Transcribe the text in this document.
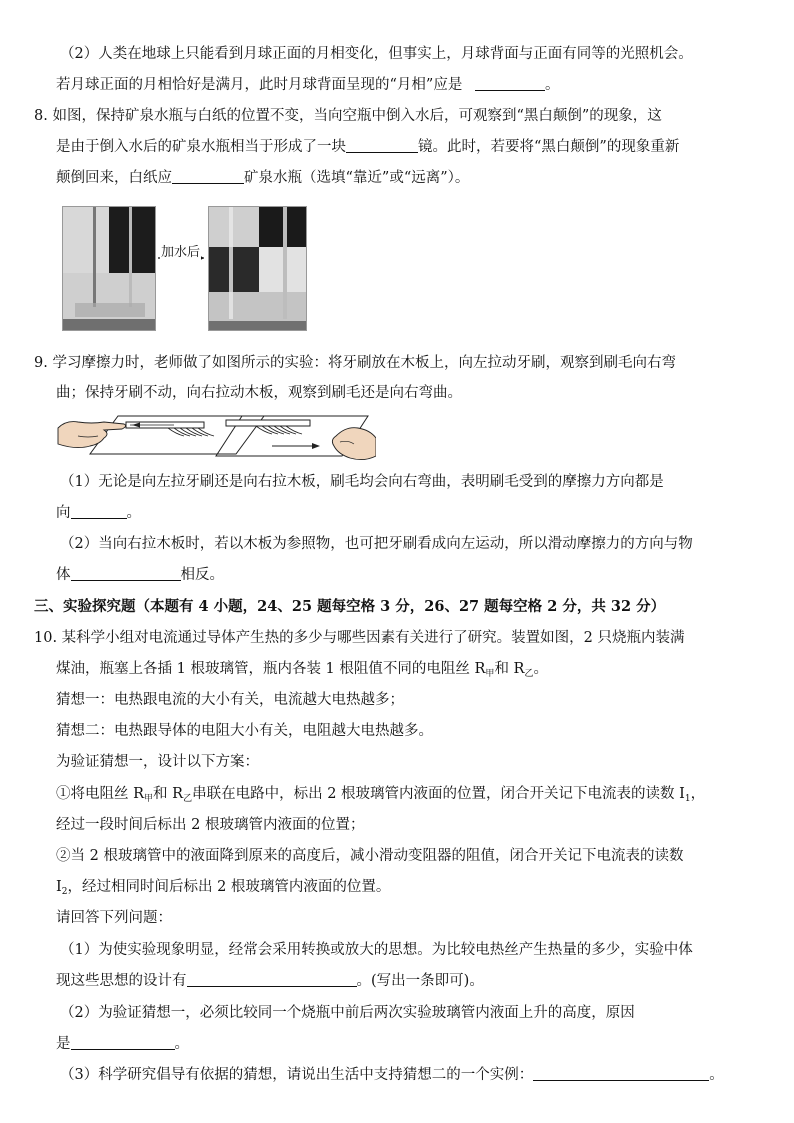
（2）人类在地球上只能看到月球正面的月相变化，但事实上，月球背面与正面有同等的光照机会。
若月球正面的月相恰好是满月，此时月球背面呈现的“月相”应是	。
8. 如图，保持矿泉水瓶与白纸的位置不变，当向空瓶中倒入水后，可观察到“黑白颠倒”的现象，这
是由于倒入水后的矿泉水瓶相当于形成了一块	镜。此时，若要将“黑白颠倒”的现象重新
颠倒回来，白纸应	矿泉水瓶（选填“靠近”或“远离”）。
加水后
9. 学习摩擦力时，老师做了如图所示的实验：将牙刷放在木板上，向左拉动牙刷，观察到刷毛向右弯
曲；保持牙刷不动，向右拉动木板，观察到刷毛还是向右弯曲。
（1）无论是向左拉牙刷还是向右拉木板，刷毛均会向右弯曲，表明刷毛受到的摩擦力方向都是
向	。
（2）当向右拉木板时，若以木板为参照物，也可把牙刷看成向左运动，所以滑动摩擦力的方向与物
体	相反。
三、实验探究题（本题有 4 小题，24、25 题每空格 3 分，26、27 题每空格 2 分，共 32 分）
10. 某科学小组对电流通过导体产生热的多少与哪些因素有关进行了研究。装置如图，2 只烧瓶内装满
煤油，瓶塞上各插 1 根玻璃管，瓶内各装 1 根阻值不同的电阻丝 $R_甲$和 $R_乙$。
猜想一：电热跟电流的大小有关，电流越大电热越多；
猜想二：电热跟导体的电阻大小有关，电阻越大电热越多。
为验证猜想一，设计以下方案：
①将电阻丝 $R_甲$和 $R_乙$串联在电路中，标出 2 根玻璃管内液面的位置，闭合开关记下电流表的读数 $I_1$，
经过一段时间后标出 2 根玻璃管内液面的位置；
②当 2 根玻璃管中的液面降到原来的高度后，减小滑动变阻器的阻值，闭合开关记下电流表的读数
$I_2$，经过相同时间后标出 2 根玻璃管内液面的位置。
请回答下列问题：
（1）为使实验现象明显，经常会采用转换或放大的思想。为比较电热丝产生热量的多少，实验中体
现这些思想的设计有	。(写出一条即可)。
（2）为验证猜想一，必须比较同一个烧瓶中前后两次实验玻璃管内液面上升的高度，原因
是	。
（3）科学研究倡导有依据的猜想，请说出生活中支持猜想二的一个实例：	。
